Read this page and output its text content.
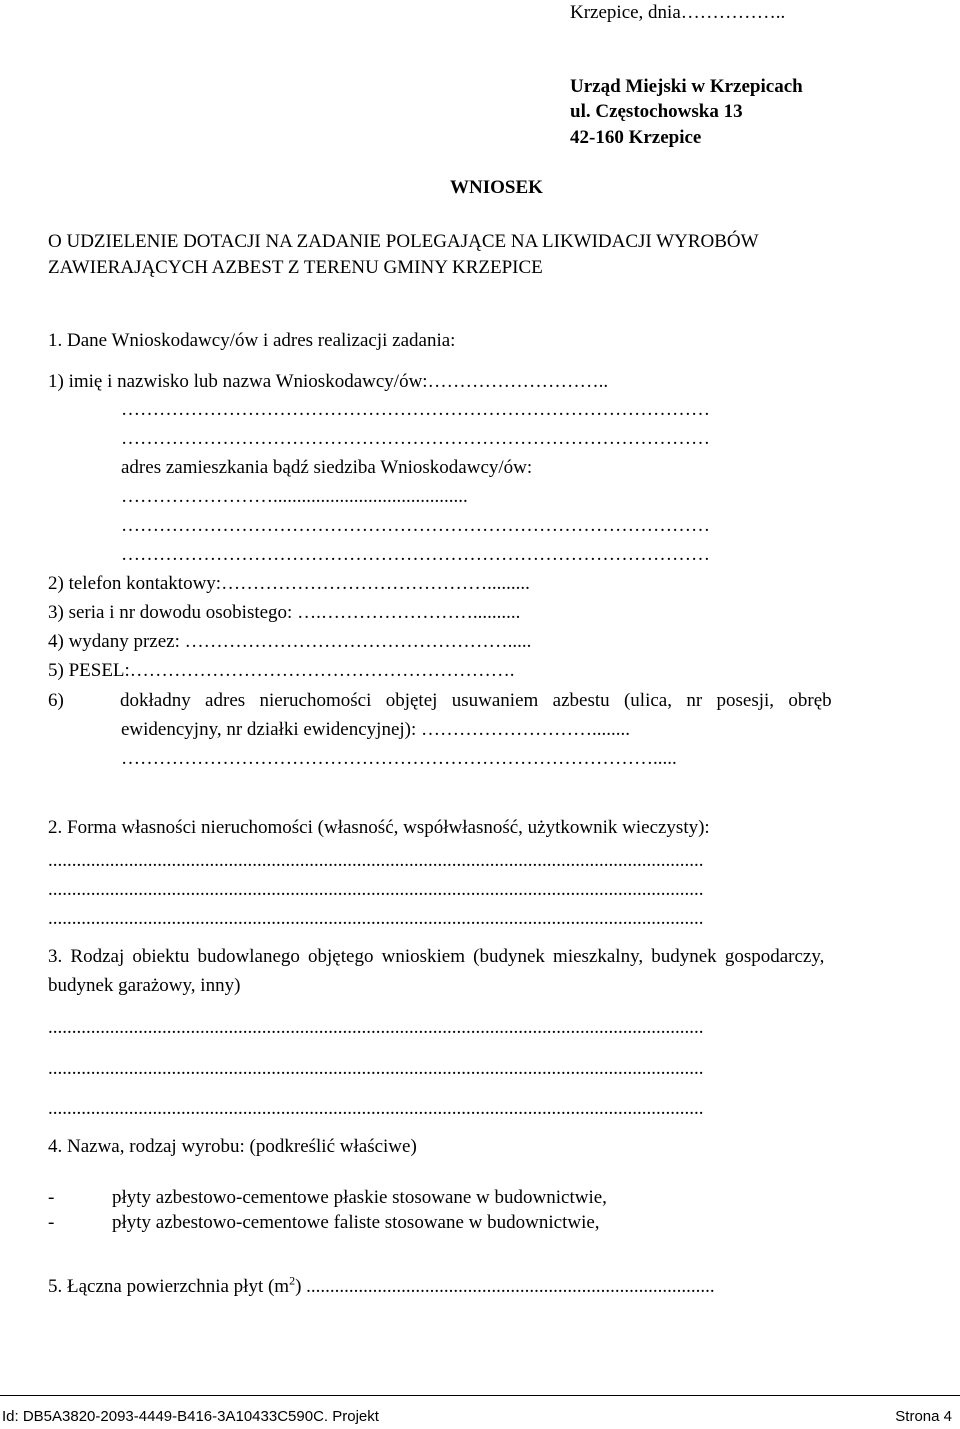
Krzepice, dnia……………..
Urząd Miejski w Krzepicach
ul. Częstochowska 13
42-160 Krzepice
WNIOSEK
O UDZIELENIE DOTACJI NA ZADANIE POLEGAJĄCE NA LIKWIDACJI WYROBÓW
ZAWIERAJĄCYCH AZBEST Z TERENU GMINY KRZEPICE
1. Dane Wnioskodawcy/ów i adres realizacji zadania:
1) imię i nazwisko lub nazwa Wnioskodawcy/ów:………………………..
…………………………………………………………………………………
…………………………………………………………………………………
adres zamieszkania bądź siedziba Wnioskodawcy/ów:
…………………….........................................
…………………………………………………………………………………
…………………………………………………………………………………
2) telefon kontaktowy:…………………………………….........
3) seria i nr dowodu osobistego: ….……………………..........
4) wydany przez: …………………………………………….....
5) PESEL:…………………………………………………….
6)	dokładny adres nieruchomości objętej usuwaniem azbestu (ulica, nr posesji, obręb
ewidencyjny, nr działki ewidencyjnej): ………………………........
………………………………………………………………………….....
2. Forma własności nieruchomości (własność, współwłasność, użytkownik wieczysty):
..........................................................................................................................................
..........................................................................................................................................
..........................................................................................................................................
3. Rodzaj obiektu budowlanego objętego wnioskiem (budynek mieszkalny, budynek gospodarczy,
budynek garażowy, inny)
..........................................................................................................................................
..........................................................................................................................................
..........................................................................................................................................
4. Nazwa, rodzaj wyrobu: (podkreślić właściwe)
-	płyty azbestowo-cementowe płaskie stosowane w budownictwie,
-	płyty azbestowo-cementowe faliste stosowane w budownictwie,
5. Łączna powierzchnia płyt $(m^2)$ ......................................................................................
Id: DB5A3820-2093-4449-B416-3A10433C590C. Projekt	Strona 4
